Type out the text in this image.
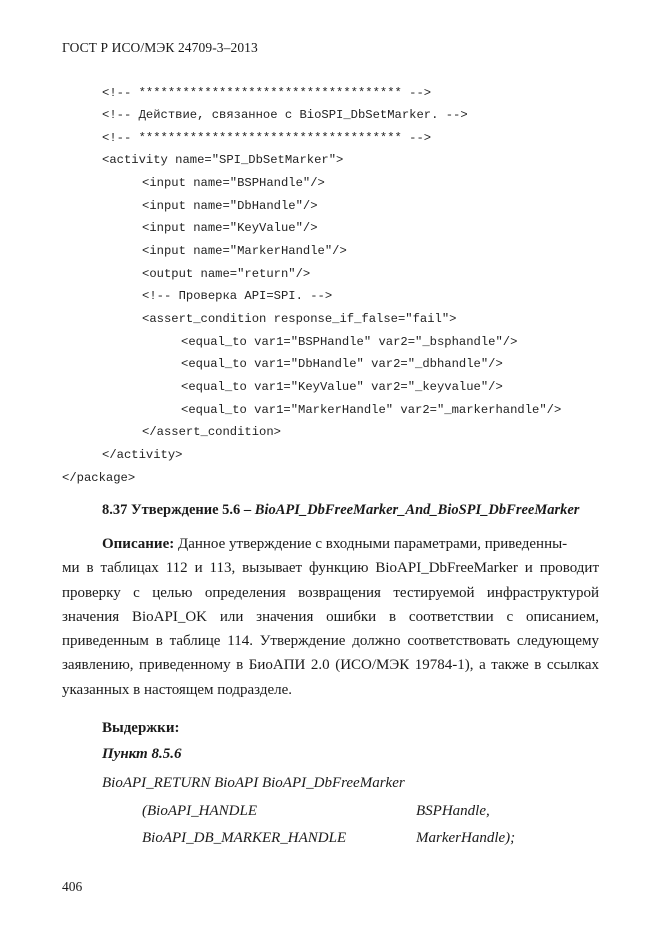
ГОСТ Р ИСО/МЭК 24709-3–2013
<!-- ************************************ -->
<!-- Действие, связанное с BioSPI_DbSetMarker. -->
<!-- ************************************ -->
<activity name="SPI_DbSetMarker">
<input name="BSPHandle"/>
<input name="DbHandle"/>
<input name="KeyValue"/>
<input name="MarkerHandle"/>
<output name="return"/>
<!-- Проверка API=SPI. -->
<assert_condition response_if_false="fail">
<equal_to var1="BSPHandle" var2="_bsphandle"/>
<equal_to var1="DbHandle" var2="_dbhandle"/>
<equal_to var1="KeyValue" var2="_keyvalue"/>
<equal_to var1="MarkerHandle" var2="_markerhandle"/>
</assert_condition>
</activity>
</package>
8.37 Утверждение 5.6 – BioAPI_DbFreeMarker_And_BioSPI_DbFreeMarker
Описание: Данное утверждение с входными параметрами, приведенны-
ми в таблицах 112 и 113, вызывает функцию BioAPI_DbFreeMarker и проводит проверку с целью определения возвращения тестируемой инфраструктурой значения BioAPI_OK или значения ошибки в соответствии с описанием, приведенным в таблице 114. Утверждение должно соответствовать следующему заявлению, приведенному в БиоАПИ 2.0 (ИСО/МЭК 19784-1), а также в ссылках указанных в настоящем подразделе.
Выдержки:
Пункт 8.5.6
BioAPI_RETURN BioAPI BioAPI_DbFreeMarker
(BioAPI_HANDLE	BSPHandle,
BioAPI_DB_MARKER_HANDLE	MarkerHandle);
406
